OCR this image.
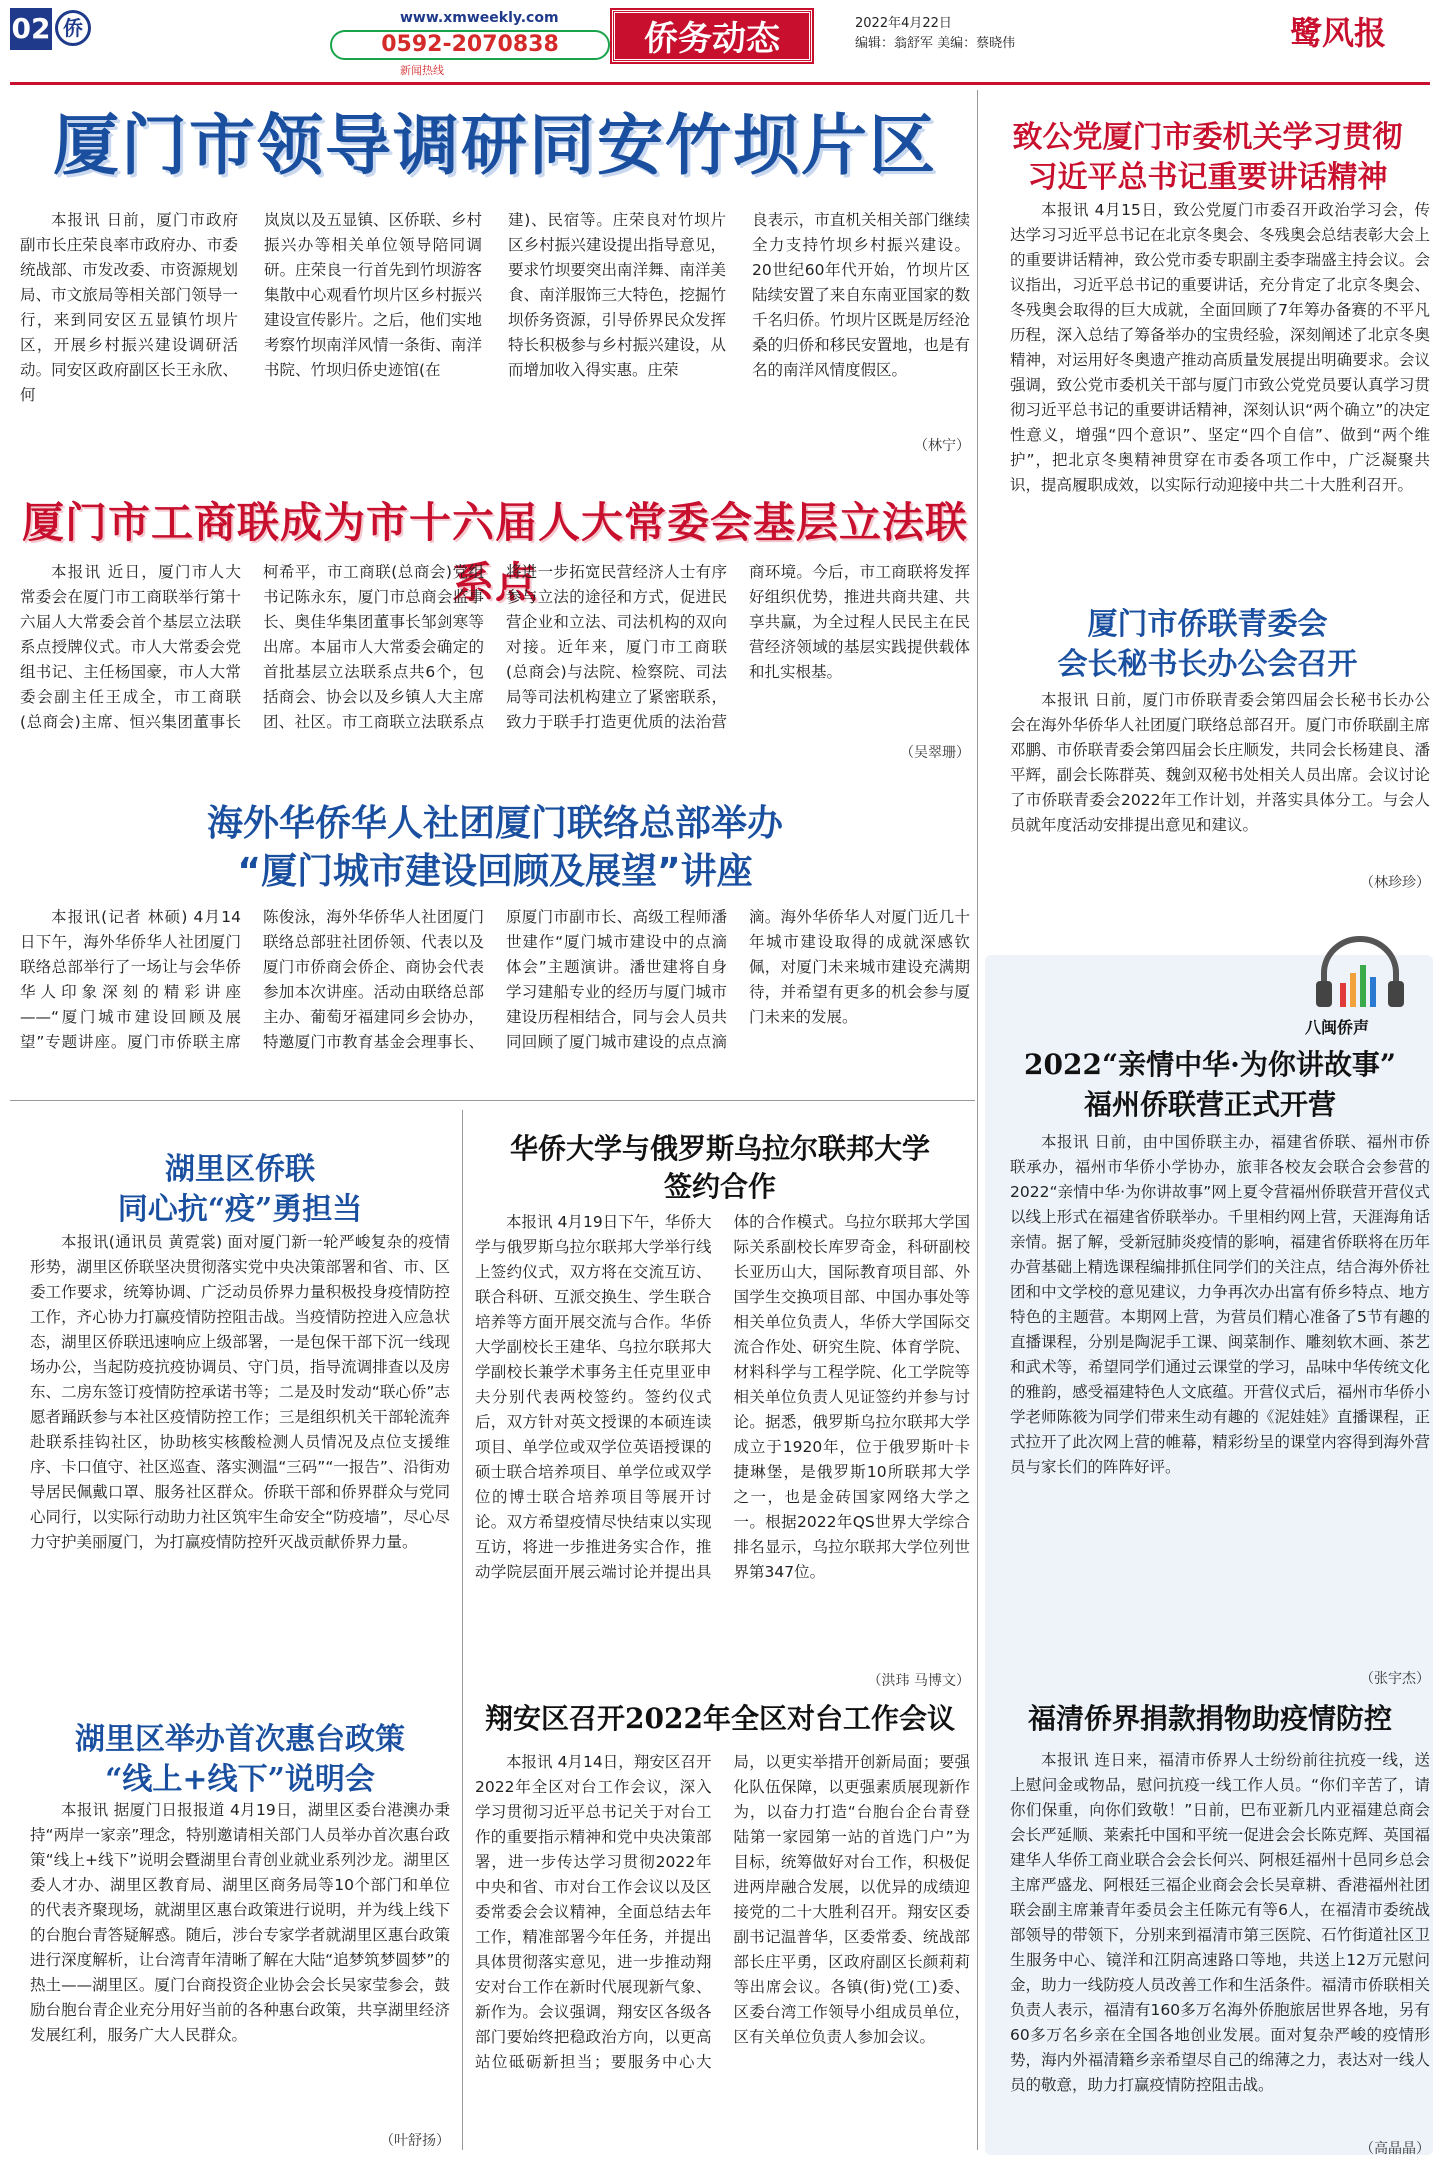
02 侨	www.xmweekly.com
0592-2070838
新闻热线
侨务动态	2022年4月22日
编辑：翁舒军 美编：蔡晓伟	鹭风报
厦门市领导调研同安竹坝片区
本报讯 日前，厦门市政府副市长庄荣良率市政府办、市委统战部、市发改委、市资源规划局、市文旅局等相关部门领导一行，来到同安区五显镇竹坝片区，开展乡村振兴建设调研活动。同安区政府副区长王永欣、何
岚岚以及五显镇、区侨联、乡村振兴办等相关单位领导陪同调研。庄荣良一行首先到竹坝游客集散中心观看竹坝片区乡村振兴建设宣传影片。之后，他们实地考察竹坝南洋风情一条街、南洋书院、竹坝归侨史迹馆(在
建)、民宿等。庄荣良对竹坝片区乡村振兴建设提出指导意见，要求竹坝要突出南洋舞、南洋美食、南洋服饰三大特色，挖掘竹坝侨务资源，引导侨界民众发挥特长积极参与乡村振兴建设，从而增加收入得实惠。庄荣
良表示，市直机关相关部门继续全力支持竹坝乡村振兴建设。20世纪60年代开始，竹坝片区陆续安置了来自东南亚国家的数千名归侨。竹坝片区既是厉经沧桑的归侨和移民安置地，也是有名的南洋风情度假区。
厦门市工商联成为市十六届人大常委会基层立法联系点

本报讯 近日，厦门市人大常委会在厦门市工商联举行第十六届人大常委会首个基层立法联系点授牌仪式。市人大常委会党组书记、主任杨国豪，市人大常委会副主任王成全，市工商联(总商会)主席、恒兴集团董事长柯希平，市工商联(总商会)党组书记陈永东，厦门市总商会监事长、奥佳华集团董事长邹剑寒等出席。本届市人大常委会确定的首批基层立法联系点共6个，包括商会、协会以及乡镇人大主席团、社区。市工商联立法联系点将进一步拓宽民营经济人士有序参与立法的途径和方式，促进民营企业和立法、司法机构的双向对接。近年来，厦门市工商联(总商会)与法院、检察院、司法局等司法机构建立了紧密联系，致力于联手打造更优质的法治营商环境。今后，市工商联将发挥好组织优势，推进共商共建、共享共赢，为全过程人民民主在民营经济领域的基层实践提供载体和扎实根基。

（吴翠珊）
海外华侨华人社团厦门联络总部举办
“厦门城市建设回顾及展望”讲座

本报讯(记者 林硕) 4月14日下午，海外华侨华人社团厦门联络总部举行了一场让与会华侨华人印象深刻的精彩讲座——“厦门城市建设回顾及展望”专题讲座。厦门市侨联主席陈俊泳，海外华侨华人社团厦门联络总部驻社团侨领、代表以及厦门市侨商会侨企、商协会代表参加本次讲座。活动由联络总部主办、葡萄牙福建同乡会协办，特邀厦门市教育基金会理事长、原厦门市副市长、高级工程师潘世建作“厦门城市建设中的点滴体会”主题演讲。潘世建将自身学习建船专业的经历与厦门城市建设历程相结合，同与会人员共同回顾了厦门城市建设的点点滴滴。海外华侨华人对厦门近几十年城市建设取得的成就深感钦佩，对厦门未来城市建设充满期待，并希望有更多的机会参与厦门未来的发展。

湖里区侨联
同心抗“疫”勇担当

本报讯(通讯员 黄霓裳) 面对厦门新一轮严峻复杂的疫情形势，湖里区侨联坚决贯彻落实党中央决策部署和省、市、区委工作要求，统筹协调、广泛动员侨界力量积极投身疫情防控工作，齐心协力打赢疫情防控阻击战。当疫情防控进入应急状态，湖里区侨联迅速响应上级部署，一是包保干部下沉一线现场办公，当起防疫抗疫协调员、守门员，指导流调排查以及房东、二房东签订疫情防控承诺书等；二是及时发动“联心侨”志愿者踊跃参与本社区疫情防控工作；三是组织机关干部轮流奔赴联系挂钩社区，协助核实核酸检测人员情况及点位支援维序、卡口值守、社区巡查、落实测温“三码”“一报告”、沿街劝导居民佩戴口罩、服务社区群众。侨联干部和侨界群众与党同心同行，以实际行动助力社区筑牢生命安全“防疫墙”，尽心尽力守护美丽厦门，为打赢疫情防控歼灭战贡献侨界力量。

湖里区举办首次惠台政策
“线上+线下”说明会

本报讯 据厦门日报报道 4月19日，湖里区委台港澳办秉持“两岸一家亲”理念，特别邀请相关部门人员举办首次惠台政策“线上+线下”说明会暨湖里台青创业就业系列沙龙。湖里区委人才办、湖里区教育局、湖里区商务局等10个部门和单位的代表齐聚现场，就湖里区惠台政策进行说明，并为线上线下的台胞台青答疑解惑。随后，涉台专家学者就湖里区惠台政策进行深度解析，让台湾青年清晰了解在大陆“追梦筑梦圆梦”的热土——湖里区。厦门台商投资企业协会会长吴家莹参会，鼓励台胞台青企业充分用好当前的各种惠台政策，共享湖里经济发展红利，服务广大人民群众。

（叶舒扬）
华侨大学与俄罗斯乌拉尔联邦大学
签约合作

本报讯 4月19日下午，华侨大学与俄罗斯乌拉尔联邦大学举行线上签约仪式，双方将在交流互访、联合科研、互派交换生、学生联合培养等方面开展交流与合作。华侨大学副校长王建华、乌拉尔联邦大学副校长兼学术事务主任克里亚申夫分别代表两校签约。签约仪式后，双方针对英文授课的本硕连读项目、单学位或双学位英语授课的硕士联合培养项目、单学位或双学位的博士联合培养项目等展开讨论。双方希望疫情尽快结束以实现互访，将进一步推进务实合作，推动学院层面开展云端讨论并提出具体的合作模式。乌拉尔联邦大学国际关系副校长库罗奇金，科研副校长亚历山大，国际教育项目部、外国学生交换项目部、中国办事处等相关单位负责人，华侨大学国际交流合作处、研究生院、体育学院、材料科学与工程学院、化工学院等相关单位负责人见证签约并参与讨论。据悉，俄罗斯乌拉尔联邦大学成立于1920年，位于俄罗斯叶卡捷琳堡，是俄罗斯10所联邦大学之一，也是金砖国家网络大学之一。根据2022年QS世界大学综合排名显示，乌拉尔联邦大学位列世界第347位。

（洪玮 马博文）
翔安区召开2022年全区对台工作会议

本报讯 4月14日，翔安区召开2022年全区对台工作会议，深入学习贯彻习近平总书记关于对台工作的重要指示精神和党中央决策部署，进一步传达学习贯彻2022年中央和省、市对台工作会议以及区委常委会会议精神，全面总结去年工作，精准部署今年任务，并提出具体贯彻落实意见，进一步推动翔安对台工作在新时代展现新气象、新作为。会议强调，翔安区各级各部门要始终把稳政治方向，以更高站位砥砺新担当；要服务中心大局，以更实举措开创新局面；要强化队伍保障，以更强素质展现新作为，以奋力打造“台胞台企台青登陆第一家园第一站的首选门户”为目标，统筹做好对台工作，积极促进两岸融合发展，以优异的成绩迎接党的二十大胜利召开。翔安区委副书记温普华，区委常委、统战部部长庄平勇，区政府副区长颜莉莉等出席会议。各镇(街)党(工)委、区委台湾工作领导小组成员单位，区有关单位负责人参加会议。

致公党厦门市委机关学习贯彻
习近平总书记重要讲话精神

本报讯 4月15日，致公党厦门市委召开政治学习会，传达学习习近平总书记在北京冬奥会、冬残奥会总结表彰大会上的重要讲话精神，致公党市委专职副主委李瑞盛主持会议。会议指出，习近平总书记的重要讲话，充分肯定了北京冬奥会、冬残奥会取得的巨大成就，全面回顾了7年筹办备赛的不平凡历程，深入总结了筹备举办的宝贵经验，深刻阐述了北京冬奥精神，对运用好冬奥遗产推动高质量发展提出明确要求。会议强调，致公党市委机关干部与厦门市致公党党员要认真学习贯彻习近平总书记的重要讲话精神，深刻认识“两个确立”的决定性意义，增强“四个意识”、坚定“四个自信”、做到“两个维护”，把北京冬奥精神贯穿在市委各项工作中，广泛凝聚共识，提高履职成效，以实际行动迎接中共二十大胜利召开。

厦门市侨联青委会
会长秘书长办公会召开

本报讯 日前，厦门市侨联青委会第四届会长秘书长办公会在海外华侨华人社团厦门联络总部召开。厦门市侨联副主席邓鹏、市侨联青委会第四届会长庄顺发，共同会长杨建良、潘平辉，副会长陈群英、魏剑双秘书处相关人员出席。会议讨论了市侨联青委会2022年工作计划，并落实具体分工。与会人员就年度活动安排提出意见和建议。

（林珍珍）
八闽侨声
2022“亲情中华·为你讲故事”
福州侨联营正式开营

本报讯 日前，由中国侨联主办，福建省侨联、福州市侨联承办，福州市华侨小学协办，旅菲各校友会联合会参营的2022“亲情中华·为你讲故事”网上夏令营福州侨联营开营仪式以线上形式在福建省侨联举办。千里相约网上营，天涯海角话亲情。据了解，受新冠肺炎疫情的影响，福建省侨联将在历年办营基础上精选课程编排抓住同学们的关注点，结合海外侨社团和中文学校的意见建议，力争再次办出富有侨乡特点、地方特色的主题营。本期网上营，为营员们精心准备了5节有趣的直播课程，分别是陶泥手工课、闽菜制作、雕刻软木画、茶艺和武术等，希望同学们通过云课堂的学习，品味中华传统文化的雅韵，感受福建特色人文底蕴。开营仪式后，福州市华侨小学老师陈筱为同学们带来生动有趣的《泥娃娃》直播课程，正式拉开了此次网上营的帷幕，精彩纷呈的课堂内容得到海外营员与家长们的阵阵好评。

（张宇杰）
福清侨界捐款捐物助疫情防控

本报讯 连日来，福清市侨界人士纷纷前往抗疫一线，送上慰问金或物品，慰问抗疫一线工作人员。“你们辛苦了，请你们保重，向你们致敬！”日前，巴布亚新几内亚福建总商会会长严延顺、莱索托中国和平统一促进会会长陈克辉、英国福建华人华侨工商业联合会会长何兴、阿根廷福州十邑同乡总会主席严盛龙、阿根廷三福企业商会会长吴章耕、香港福州社团联会副主席兼青年委员会主任陈元有等6人，在福清市委统战部领导的带领下，分别来到福清市第三医院、石竹街道社区卫生服务中心、镜洋和江阴高速路口等地，共送上12万元慰问金，助力一线防疫人员改善工作和生活条件。福清市侨联相关负责人表示，福清有160多万名海外侨胞旅居世界各地，另有60多万名乡亲在全国各地创业发展。面对复杂严峻的疫情形势，海内外福清籍乡亲希望尽自己的绵薄之力，表达对一线人员的敬意，助力打赢疫情防控阻击战。

（高晶晶）
（林宁）
